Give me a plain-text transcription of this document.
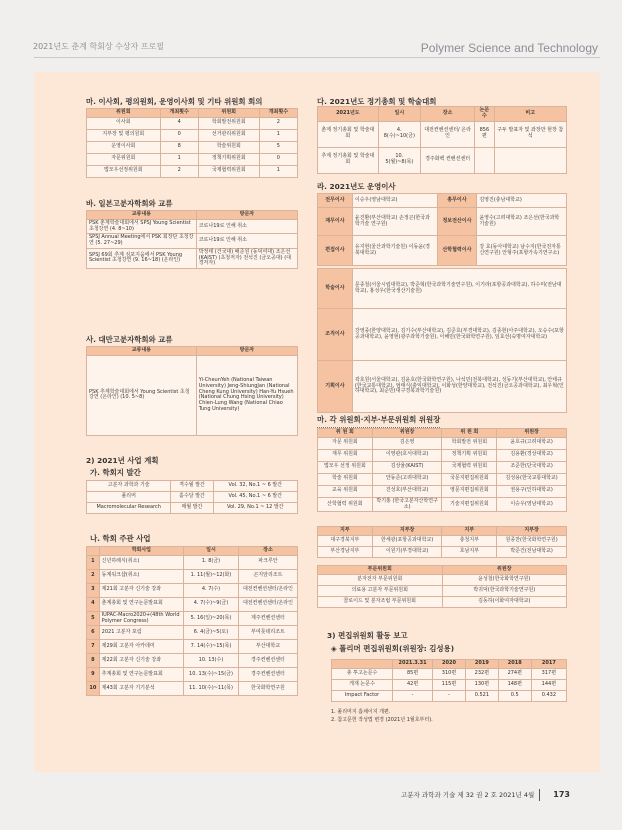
2021년도 춘계 학회상 수상자 프로필	Polymer Science and Technology
마. 이사회, 평의원회, 운영이사회 및 기타 위원회 회의
위원회	개최횟수	위원회	개최횟수
이사회	4	학회발전위원회	2
지부장 및 평의원회	0	선거관리위원회	1
운영이사회	8	학술위원회	5
자문위원회	1	정책기획위원회	0
법모우선정위원회	2	국제협력위원회	1
바. 일본고분자학회와 교류
교류내용	방문자
PSK 춘계학술대회에서 SPSJ Young Scientist 초청강연 (4. 8~10)	코로나19로 인해 취소
SPSJ Annual Meeting에서 PSK 회장단 초청강연 (5. 27~29)	코로나19로 인해 취소
SPSJ 69회 추계 심포지움에서 PSK Young Scientist 초청강연 (9. 16~18) (온라인)	박정태 (건국대) 배준원 (동덕여대) 조은선 (KAIST) (초청저자) 전석진 (금오공대) (대경저자)
사. 대만고분자학회와 교류
교류내용	방문자
PSK 추계학술대회에서 Young Scientist 초청강연 (온라인) (10. 5~8)	Yi-CheunYeh (National Taiwan University) Jeng-ShiungJan (National Cheng Kung University) Han-Yu Hsueh (National Chung Hsing University) Chien-Lung Wang (National Chiao Tung University)
2) 2021년 사업 계획
가. 학회지 발간
고분자 과학과 기술	격수월 발간	Vol. 32, No.1 ~ 6 발간
폴리머	홀수달 발간	Vol. 45, No.1 ~ 6 발간
Macromolecular Research	매월 발간	Vol. 29, No.1 ~ 12 발간
나. 학회 주관 사업
	학회사업	일시	장소
1	신년하례식(취소)	1. 8(금)	파크루안
2	동계워크샵(취소)	1. 11(월)~12(화)	곤지암리조트
3	제21회 고분자 신기술 강좌	4. 7(수)	대전컨벤션센터/온라인
4	춘계총회 및 연구논문발표회	4. 7(수)~9(금)	대전컨벤션센터/온라인
5	IUPAC-Macro2020+(48th World Polymer Congress)	5. 16(일)~20(목)	제주컨벤션센터
6	2021 고분자 포럼	6. 4(금)~5(토)	부여롯데리조트
7	제29회 고분자 아카데미	7. 14(수)~15(목)	부산대학교
8	제22회 고분자 신기술 강좌	10. 13(수)	경주컨벤션센터
9	추계총회 및 연구논문발표회	10. 13(수)~15(금)	경주컨벤션센터
10	제43회 고분자 기기분석	11. 10(수)~11(목)	한국화학연구원
다. 2021년도 정기총회 및 학술대회
2021년도	일시	장소	논문수	비고
춘계 정기총회 및 학술대회	4. 8(수)~10(금)	대전컨벤션센터/ 온라인	856편	구두 발표자 및 좌장만 현장 참석
추계 정기총회 및 학술대회	10. 5(월)~8(목)	경주화백 컨벤션센터		
라. 2021년도 운영이사
전무이사	이승우(영남대학교)	총무이사	김영진(충남대학교)
재무이사	윤진환(부산대학교) 손정곤(한국과학기술 연구원)	정보전산이사	윤영수(고려대학교) 조은선(한국과학기술원)
편집이사	유지현(울산과학기술원) 이동윤(경북대학교)	산학협력이사	강 효(동아대학교) 남수지(한국전자통신연구원) 안형주(포항가속기연구소)
학술이사	문종철(서울시립대학교), 박준혁(한국과학기술연구원), 이기라(포항공과대학교), 하수미(전남대학교), 홍성우(한국생산기술원)
조직이사	강영종(한양대학교), 김기수(부산대학교), 김준호(부경대학교), 김종현(아주대학교), 오승수(포항공과대학교), 윤영현(광주과학기술원), 이해민(한국화학연구원), 임효선(숙명여자대학교)
기획이사	곽호원(서울대학교), 김윤호(한국화학연구원), 나석민(전북대학교), 성동기(부산대학교), 안태규(한국교통대학교), 엄태식(충익대학교), 이화성(한양대학교), 전석진(금오공과대학교), 최우혁(인하대학교), 최준민(대구경북과학기술원)
마. 각 위원회·지부·부문위원회 위원장
위 원 회	위원장	위 원 회	위원장
자문 위원회	김은영	학회발전 위원회	윤호규(고려대학교)
재무 위원회	이영관(호서대학교)	정책기획 위원회	김용환(경상대학교)
법모우 선정 위원회	김상율(KAIST)	국제협력 위원회	조준한(단국대학교)
학술 위원회	안동준(고려대학교)	국문지편집위원회	김성용(한국교통대학교)
교육 위원회	진성호(부산대학교)	영문지편집위원회	권용구(인하대학교)
산학협력 위원회	박기홍 (한국고분자산학연구소)	기술지편집위원회	이승우(영남대학교)
지부	지부장	지부	지부장
대구경북지부	한세광(포항공과대학교)	충청지부	원종찬(한국화학연구원)
부산경남지부	이원기(부경대학교)	호남지부	박준건(전남대학교)
부문위원회	위원장
분자전자 부문위원회	윤성철(한국화학연구원)
의료용 고분자 부문위원회	박귀덕(한국과학기술연구원)
콜로이드 및 분자조립 부문위원회	김동하(이화여자대학교)
3) 편집위원회 활동 보고
◈ 폴리머 편집위원회(위원장: 김성용)
	2021.3.31	2020	2019	2018	2017
총 투고논문수	85편	310편	232편	274편	317편
게재 논문수	42편	115편	130편	148편	144편
Impact Factor	-	-	0.521	0.5	0.432
1. 폴리머지 흡채이지 개편.
2. 참고문헌 작성법 변경 (2021년 1월호부터).
고분자 과학과 기술 제 32 권 2 호 2021년 4월 173
